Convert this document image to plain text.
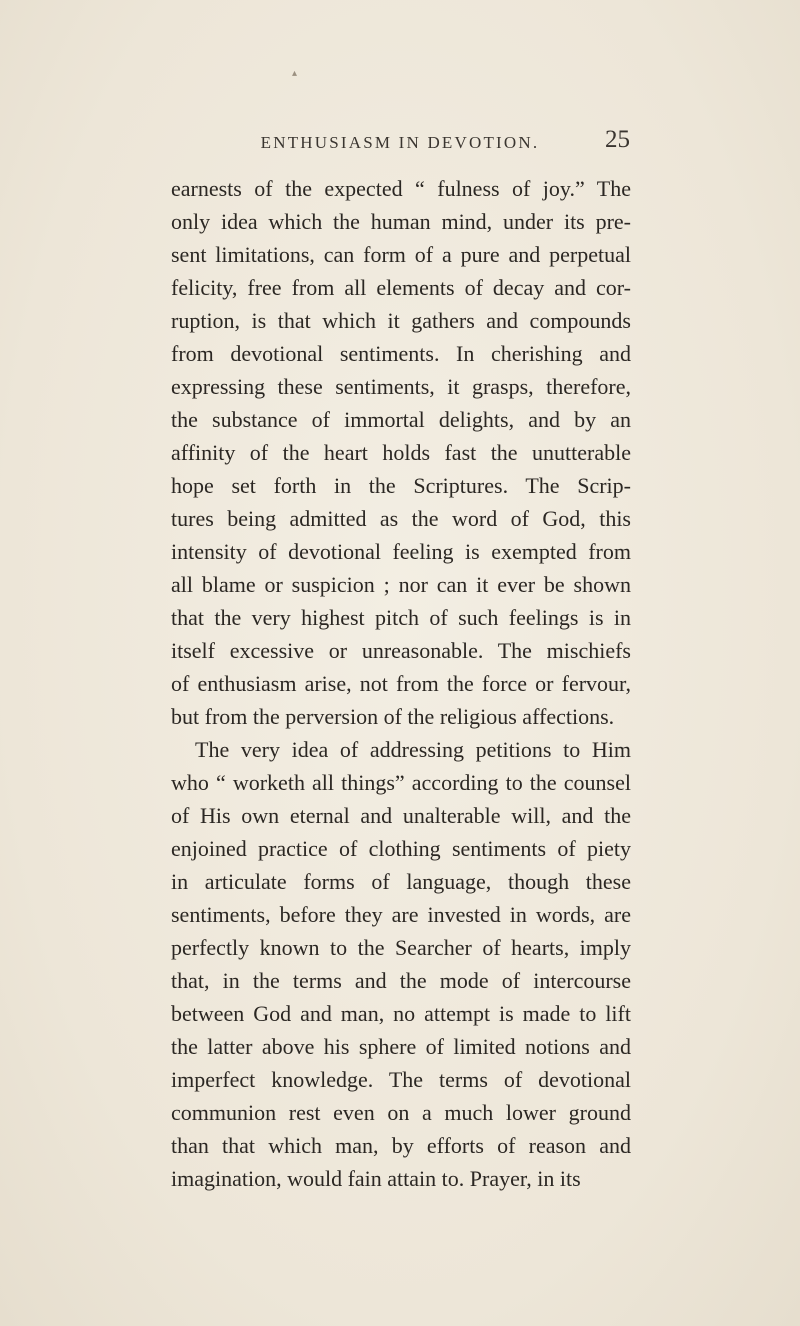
▴
ENTHUSIASM IN DEVOTION.	25
earnests of the expected “ fulness of joy.” The
only idea which the human mind, under its pre-
sent limitations, can form of a pure and perpetual
felicity, free from all elements of decay and cor-
ruption, is that which it gathers and compounds
from devotional sentiments. In cherishing and
expressing these sentiments, it grasps, therefore,
the substance of immortal delights, and by an
affinity of the heart holds fast the unutterable
hope set forth in the Scriptures. The Scrip-
tures being admitted as the word of God, this
intensity of devotional feeling is exempted from
all blame or suspicion ; nor can it ever be shown
that the very highest pitch of such feelings is in
itself excessive or unreasonable. The mischiefs
of enthusiasm arise, not from the force or fervour,
but from the perversion of the religious affections.
The very idea of addressing petitions to Him
who “ worketh all things” according to the counsel
of His own eternal and unalterable will, and the
enjoined practice of clothing sentiments of piety
in articulate forms of language, though these
sentiments, before they are invested in words, are
perfectly known to the Searcher of hearts, imply
that, in the terms and the mode of intercourse
between God and man, no attempt is made to lift
the latter above his sphere of limited notions and
imperfect knowledge. The terms of devotional
communion rest even on a much lower ground
than that which man, by efforts of reason and
imagination, would fain attain to. Prayer, in its
